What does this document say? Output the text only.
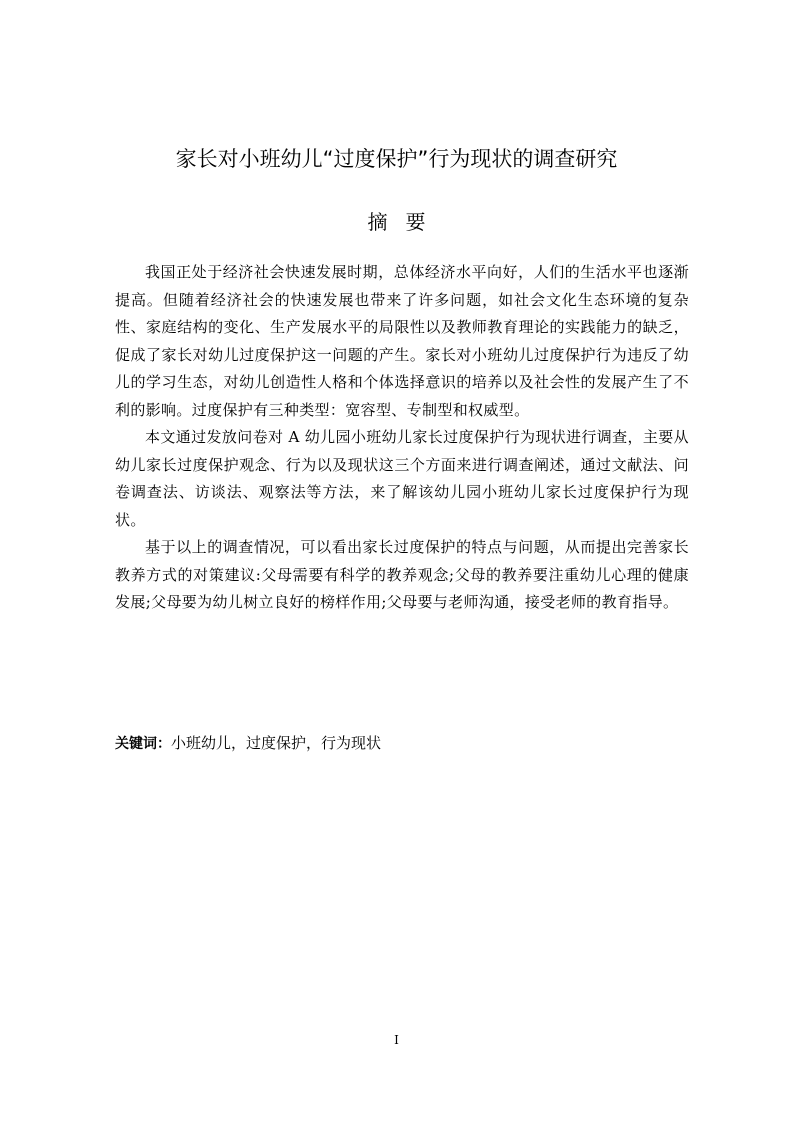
家长对小班幼儿“过度保护”行为现状的调查研究
摘要

我国正处于经济社会快速发展时期，总体经济水平向好，人们的生活水平也逐渐提高。但随着经济社会的快速发展也带来了许多问题，如社会文化生态环境的复杂性、家庭结构的变化、生产发展水平的局限性以及教师教育理论的实践能力的缺乏，促成了家长对幼儿过度保护这一问题的产生。家长对小班幼儿过度保护行为违反了幼儿的学习生态，对幼儿创造性人格和个体选择意识的培养以及社会性的发展产生了不利的影响。过度保护有三种类型：宽容型、专制型和权威型。

本文通过发放问卷对 A 幼儿园小班幼儿家长过度保护行为现状进行调查，主要从幼儿家长过度保护观念、行为以及现状这三个方面来进行调查阐述，通过文献法、问卷调查法、访谈法、观察法等方法，来了解该幼儿园小班幼儿家长过度保护行为现状。

基于以上的调查情况，可以看出家长过度保护的特点与问题，从而提出完善家长教养方式的对策建议:父母需要有科学的教养观念;父母的教养要注重幼儿心理的健康发展;父母要为幼儿树立良好的榜样作用;父母要与老师沟通，接受老师的教育指导。

关键词：小班幼儿，过度保护，行为现状
I
